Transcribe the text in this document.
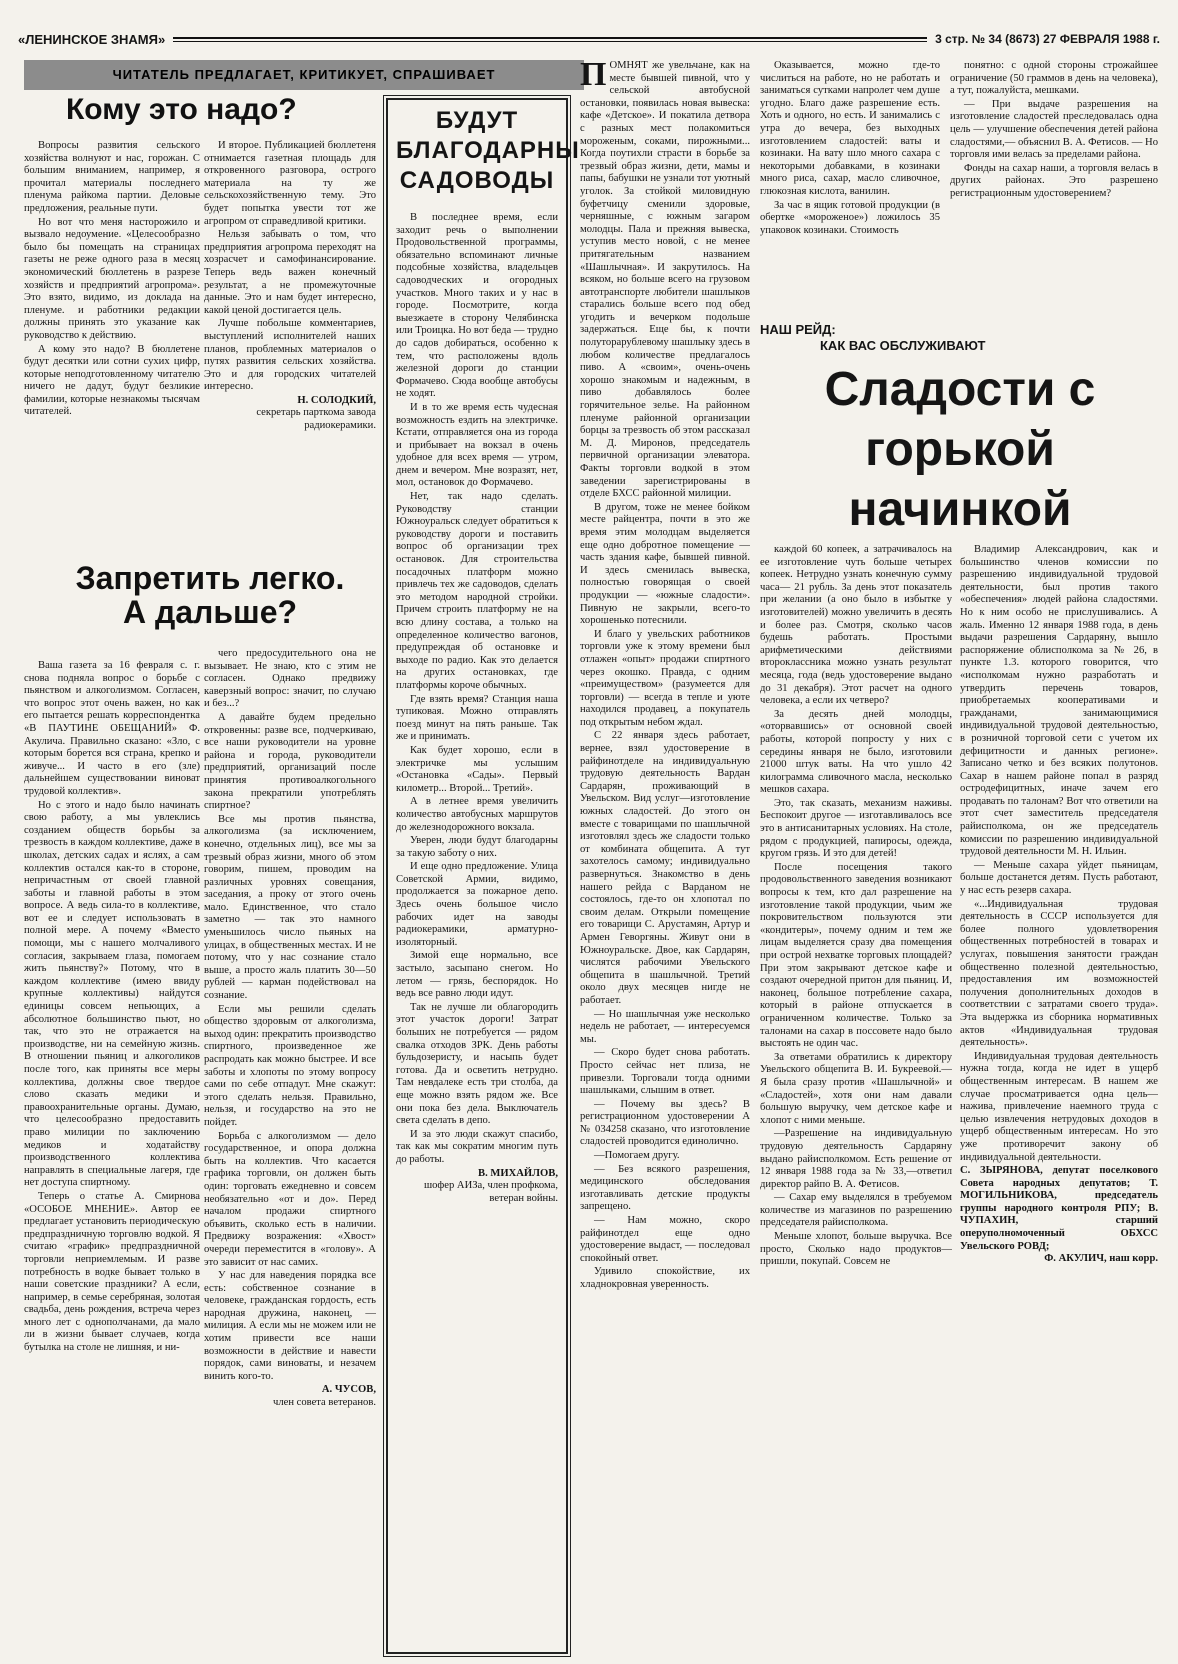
«ЛЕНИНСКОЕ ЗНАМЯ»	3 стр. № 34 (8673) 27 ФЕВРАЛЯ 1988 г.
ЧИТАТЕЛЬ ПРЕДЛАГАЕТ, КРИТИКУЕТ, СПРАШИВАЕТ
Кому это надо?

Вопросы развития сельского хозяйства волнуют и нас, горожан. С большим вниманием, например, я прочитал материалы последнего пленума райкома партии. Деловые предложения, реальные пути.

Но вот что меня насторожило и вызвало недоумение. «Целесообразно было бы помещать на страницах газеты не реже одного раза в месяц экономический бюллетень в разрезе хозяйств и предприятий агропрома». Это взято, видимо, из доклада на пленуме. и работники редакции должны принять это указание как руководство к действию.

А кому это надо? В бюллетене будут десятки или сотни сухих цифр, которые неподготовленному читателю ничего не дадут, будут безликие фамилии, которые незнакомы тысячам читателей.

И второе. Публикацией бюллетеня отнимается газетная площадь для откровенного разговора, острого материала на ту же сельскохозяйственную тему. Это будет попытка увести тот же агропром от справедливой критики.

Нельзя забывать о том, что предприятия агропрома переходят на хозрасчет и самофинансирование. Теперь ведь важен конечный результат, а не промежуточные данные. Это и нам будет интересно, какой ценой достигается цель.

Лучше побольше комментариев, выступлений исполнителей наших планов, проблемных материалов о путях развития сельских хозяйства. Это и для городских читателей интересно.

Н. СОЛОДКИЙ,
секретарь парткома завода радиокерамики.
Запретить легко. А дальше?

Ваша газета за 16 февраля с. г. снова подняла вопрос о борьбе с пьянством и алкоголизмом. Согласен, что вопрос этот очень важен, но как его пытается решать корреспондентка «В ПАУТИНЕ ОБЕЩАНИЙ» Ф. Акулича. Правильно сказано: «Зло, с которым борется вся страна, крепко и живуче... И часто в его (зле) дальнейшем существовании виноват трудовой коллектив».

Но с этого и надо было начинать свою работу, а мы увлеклись созданием обществ борьбы за трезвость в каждом коллективе, даже в школах, детских садах и яслях, а сам коллектив остался как-то в стороне, непричастным от своей главной заботы и главной работы в этом вопросе. А ведь сила-то в коллективе, вот ее и следует использовать в полной мере. А почему «Вместо помощи, мы с нашего молчаливого согласия, закрываем глаза, помогаем жить пьянству?» Потому, что в каждом коллективе (имею ввиду крупные коллективы) найдутся единицы совсем непьющих, а абсолютное большинство пьют, но так, что это не отражается на производстве, ни на семейную жизнь. В отношении пьяниц и алкоголиков после того, как приняты все меры коллектива, должны свое твердое слово сказать медики и правоохранительные органы. Думаю, что целесообразно предоставить право милиции по заключению медиков и ходатайству производственного коллектива направлять в специальные лагеря, где нет доступа спиртному.

Теперь о статье А. Смирнова «ОСОБОЕ МНЕНИЕ». Автор ее предлагает установить периодическую предпраздничную торговлю водкой. Я считаю «график» предпраздничной торговли неприемлемым. И разве потребность в водке бывает только в наши советские праздники? А если, например, в семье серебряная, золотая свадьба, день рождения, встреча через много лет с однополчанами, да мало ли в жизни бывает случаев, когда бутылка на столе не лишняя, и ни-

чего предосудительного она не вызывает. Не знаю, кто с этим не согласен. Однако предвижу каверзный вопрос: значит, по случаю и без...?

А давайте будем предельно откровенны: разве все, подчеркиваю, все наши руководители на уровне района и города, руководители предприятий, организаций после принятия противоалкогольного закона прекратили употреблять спиртное?

Все мы против пьянства, алкоголизма (за исключением, конечно, отдельных лиц), все мы за трезвый образ жизни, много об этом говорим, пишем, проводим на различных уровнях совещания, заседания, а проку от этого очень мало. Единственное, что стало заметно — так это намного уменьшилось число пьяных на улицах, в общественных местах. И не потому, что у нас сознание стало выше, а просто жаль платить 30—50 рублей — карман подействовал на сознание.

Если мы решили сделать общество здоровым от алкоголизма, выход один: прекратить производство спиртного, произведенное же распродать как можно быстрее. И все заботы и хлопоты по этому вопросу сами по себе отпадут. Мне скажут: этого сделать нельзя. Правильно, нельзя, и государство на это не пойдет.

Борьба с алкоголизмом — дело государственное, и опора должна быть на коллектив. Что касается графика торговли, он должен быть один: торговать ежедневно и совсем необязательно «от и до». Перед началом продажи спиртного объявить, сколько есть в наличии. Предвижу возражения: «Хвост» очереди переместится в «голову». А это зависит от нас самих.

У нас для наведения порядка все есть: собственное сознание в человеке, гражданская гордость, есть народная дружина, наконец, — милиция. А если мы не можем или не хотим привести все наши возможности в действие и навести порядок, сами виноваты, и незачем винить кого-то.

А. ЧУСОВ,
член совета ветеранов.
БУДУТ БЛАГОДАРНЫ САДОВОДЫ

В последнее время, если заходит речь о выполнении Продовольственной программы, обязательно вспоминают личные подсобные хозяйства, владельцев садоводческих и огородных участков. Много таких и у нас в городе. Посмотрите, когда выезжаете в сторону Челябинска или Троицка. Но вот беда — трудно до садов добираться, особенно к тем, что расположены вдоль железной дороги до станции Формачево. Сюда вообще автобусы не ходят.

И в то же время есть чудесная возможность ездить на электричке. Кстати, отправляется она из города и прибывает на вокзал в очень удобное для всех время — утром, днем и вечером. Мне возразят, нет, мол, остановок до Формачево.

Нет, так надо сделать. Руководству станции Южноуральск следует обратиться к руководству дороги и поставить вопрос об организации трех остановок. Для строительства посадочных платформ можно привлечь тех же садоводов, сделать это методом народной стройки. Причем строить платформу не на всю длину состава, а только на определенное количество вагонов, предупреждая об остановке и выходе по радио. Как это делается на других остановках, где платформы короче обычных.

Где взять время? Станция наша тупиковая. Можно отправлять поезд минут на пять раньше. Так же и принимать.

Как будет хорошо, если в электричке мы услышим «Остановка «Сады». Первый километр... Второй... Третий».

А в летнее время увеличить количество автобусных маршрутов до железнодорожного вокзала.

Уверен, люди будут благодарны за такую заботу о них.

И еще одно предложение. Улица Советской Армии, видимо, продолжается за пожарное депо. Здесь очень большое число рабочих идет на заводы радиокерамики, арматурно-изоляторный.

Зимой еще нормально, все застыло, засыпано снегом. Но летом — грязь, беспорядок. Но ведь все равно люди идут.

Так не лучше ли облагородить этот участок дороги! Затрат больших не потребуется — рядом свалка отходов ЗРК. День работы бульдозеристу, и насыпь будет готова. Да и осветить нетрудно. Там невдалеке есть три столба, да еще можно взять рядом же. Все они пока без дела. Выключатель света сделать в депо.

И за это люди скажут спасибо, так как мы сократим многим путь до работы.

В. МИХАЙЛОВ,
шофер АИЗа, член профкома, ветеран войны.

ПОМНЯТ же увельчане, как на месте бывшей пивной, что у сельской автобусной остановки, появилась новая вывеска: кафе «Детское». И покатила детвора с разных мест полакомиться мороженым, соками, пирожными... Когда поутихли страсти в борьбе за трезвый образ жизни, дети, мамы и папы, бабушки не узнали тот уютный уголок. За стойкой миловидную буфетчицу сменили здоровые, черняшные, с южным загаром молодцы. Пала и прежняя вывеска, уступив место новой, с не менее притягательным названием «Шашлычная». И закрутилось. На всяком, но больше всего на грузовом автотранспорте любители шашлыков старались больше всего под обед угодить и вечерком подольше задержаться. Еще бы, к почти полуторарублевому шашлыку здесь в любом количестве предлагалось пиво. А «своим», очень-очень хорошо знакомым и надежным, в пиво добавлялось более горячительное зелье. На районном пленуме районной организации борцы за трезвость об этом рассказал М. Д. Миронов, председатель первичной организации элеватора. Факты торговли водкой в этом заведении зарегистрированы в отделе БХСС районной милиции.

В другом, тоже не менее бойком месте райцентра, почти в это же время этим молодцам выделяется еще одно добротное помещение — часть здания кафе, бывшей пивной. И здесь сменилась вывеска, полностью говорящая о своей продукции — «южные сладости». Пивную не закрыли, всего-то хорошенько потеснили.

И благо у увельских работников торговли уже к этому времени был отлажен «опыт» продажи спиртного через окошко. Правда, с одним «преимуществом» (разумеется для торговли) — всегда в тепле и уюте находился продавец, а покупатель под открытым небом ждал.

С 22 января здесь работает, вернее, взял удостоверение в райфинотделе на индивидуальную трудовую деятельность Вардан Сардарян, проживающий в Увельском. Вид услуг—изготовление южных сладостей. До этого он вместе с товарищами по шашлычной изготовлял здесь же сладости только от комбината общепита. А тут захотелось самому; индивидуально развернуться. Знакомство в день нашего рейда с Варданом не состоялось, где-то он хлопотал по своим делам. Открыли помещение его товарищи С. Арустамян, Артур и Армен Геворгяны. Живут они в Южноуральске. Двое, как Сардарян, числятся рабочими Увельского общепита в шашлычной. Третий около двух месяцев нигде не работает.

— Но шашлычная уже несколько недель не работает, — интересуемся мы.

— Скоро будет снова работать. Просто сейчас нет плиза, не привезли. Торговали тогда одними шашлыками, слышим в ответ.

— Почему вы здесь? В регистрационном удостоверении А № 034258 сказано, что изготовление сладостей проводится единолично.

—Помогаем другу.

— Без всякого разрешения, медицинского обследования изготавливать детские продукты запрещено.

— Нам можно, скоро райфинотдел еще одно удостоверение выдаст, — последовал спокойный ответ.

Удивило спокойствие, их хладнокровная уверенность.

Оказывается, можно где-то числиться на работе, но не работать и заниматься сутками напролет чем душе угодно. Благо даже разрешение есть. Хоть и одного, но есть. И занимались с утра до вечера, без выходных изготовлением сладостей: ваты и козинаки. На вату шло много сахара с некоторыми добавками, в козинаки много риса, сахар, масло сливочное, глюкозная кислота, ванилин.

За час в ящик готовой продукции (в обертке «мороженое») ложилось 35 упаковок козинаки. Стоимость

понятно: с одной стороны строжайшее ограничение (50 граммов в день на человека), а тут, пожалуйста, мешками.

— При выдаче разрешения на изготовление сладостей преследовалась одна цель — улучшение обеспечения детей района сладостями,— объяснил В. А. Фетисов. — Но торговля ими велась за пределами района.

Фонды на сахар наши, а торговля велась в других районах. Это разрешено регистрационным удостоверением?

НАШ РЕЙД:
КАК ВАС ОБСЛУЖИВАЮТ
Сладости с горькой начинкой

каждой 60 копеек, а затрачивалось на ее изготовление чуть больше четырех копеек. Нетрудно узнать конечную сумму часа— 21 рубль. За день этот показатель при желании (а оно было в избытке у изготовителей) можно увеличить в десять и более раз. Смотря, сколько часов будешь работать. Простыми арифметическими действиями второклассника можно узнать результат месяца, года (ведь удостоверение выдано до 31 декабря). Этот расчет на одного человека, а если их четверо?

За десять дней молодцы, «оторвавшись» от основной своей работы, которой попросту у них с середины января не было, изготовили 21000 штук ваты. На что ушло 42 килограмма сливочного масла, несколько мешков сахара.

Это, так сказать, механизм наживы. Беспокоит другое — изготавливалось все это в антисанитарных условиях. На столе, рядом с продукцией, папиросы, одежда, кругом грязь. И это для детей!

После посещения такого продовольственного заведения возникают вопросы к тем, кто дал разрешение на изготовление такой продукции, чьим же покровительством пользуются эти «кондитеры», почему одним и тем же лицам выделяется сразу два помещения при острой нехватке торговых площадей? При этом закрывают детское кафе и создают очередной притон для пьяниц. И, наконец, большое потребление сахара, который в районе отпускается в ограниченном количестве. Только за талонами на сахар в поссовете надо было выстоять не один час.

За ответами обратились к директору Увельского общепита В. И. Букреевой.— Я была сразу против «Шашлычной» и «Сладостей», хотя они нам давали большую выручку, чем детское кафе и хлопот с ними меньше.

—Разрешение на индивидуальную трудовую деятельность Сардаряну выдано райисполкомом. Есть решение от 12 января 1988 года за № 33,—ответил директор райпо В. А. Фетисов.

— Сахар ему выделялся в требуемом количестве из магазинов по разрешению председателя райисполкома.

Меньше хлопот, больше выручка. Все просто, Сколько надо продуктов—пришли, покупай. Совсем не

Владимир Александрович, как и большинство членов комиссии по разрешению индивидуальной трудовой деятельности, был против такого «обеспечения» людей района сладостями. Но к ним особо не прислушивались. А жаль. Именно 12 января 1988 года, в день выдачи разрешения Сардаряну, вышло распоряжение облисполкома за № 26, в пункте 1.3. которого говорится, что «исполкомам нужно разработать и утвердить перечень товаров, приобретаемых кооперативами и гражданами, занимающимися индивидуальной трудовой деятельностью, в розничной торговой сети с учетом их дефицитности и данных регионе». Записано четко и без всяких полутонов. Сахар в нашем районе попал в разряд остродефицитных, иначе зачем его продавать по талонам? Вот что ответили на этот счет заместитель председателя райисполкома, он же председатель комиссии по разрешению индивидуальной трудовой деятельности М. Н. Ильин.

— Меньше сахара уйдет пьяницам, больше достанется детям. Пусть работают, у нас есть резерв сахара.

«...Индивидуальная трудовая деятельность в СССР используется для более полного удовлетворения общественных потребностей в товарах и услугах, повышения занятости граждан общественно полезной деятельностью, предоставления им возможностей получения дополнительных доходов в соответствии с затратами своего труда». Эта выдержка из сборника нормативных актов «Индивидуальная трудовая деятельность».

Индивидуальная трудовая деятельность нужна тогда, когда не идет в ущерб общественным интересам. В нашем же случае просматривается одна цель—нажива, привлечение наемного труда с целью извлечения нетрудовых доходов в ущерб общественным интересам. Но это уже противоречит закону об индивидуальной деятельности.

С. ЗЫРЯНОВА, депутат поселкового Совета народных депутатов; Т. МОГИЛЬНИКОВА, председатель группы народного контроля РПУ; В. ЧУПАХИН, старший оперуполномоченный ОБХСС Увельского РОВД;
Ф. АКУЛИЧ, наш корр.
